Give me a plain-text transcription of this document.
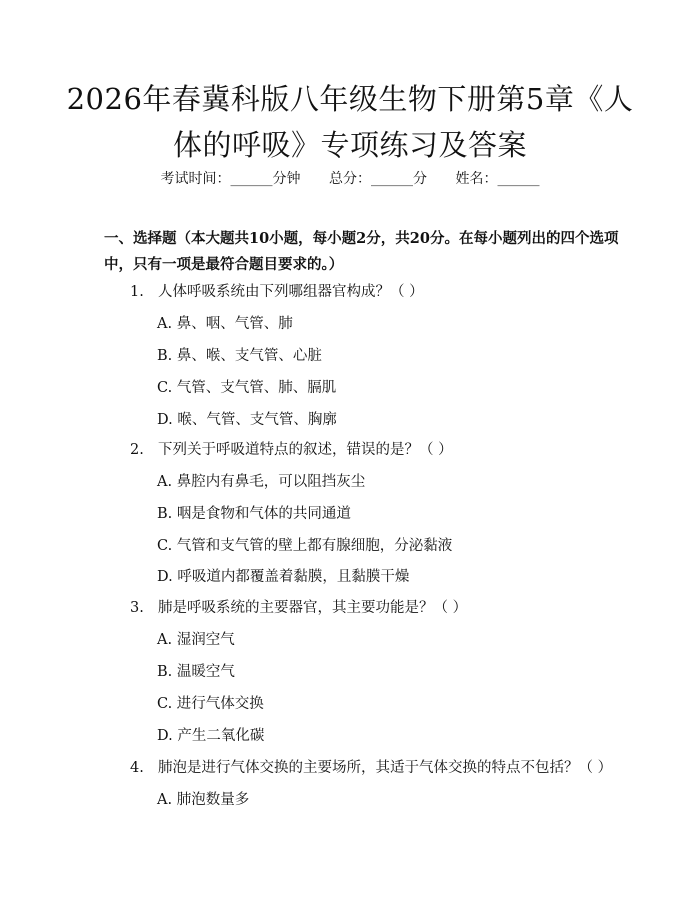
2026年春冀科版八年级生物下册第5章《人体的呼吸》专项练习及答案
考试时间：______分钟 总分：______分 姓名：______

一、选择题（本大题共10小题，每小题2分，共20分。在每小题列出的四个选项中，只有一项是最符合题目要求的。）

1. 人体呼吸系统由下列哪组器官构成？（ ）
A. 鼻、咽、气管、肺
B. 鼻、喉、支气管、心脏
C. 气管、支气管、肺、膈肌
D. 喉、气管、支气管、胸廓
2. 下列关于呼吸道特点的叙述，错误的是？（ ）
A. 鼻腔内有鼻毛，可以阻挡灰尘
B. 咽是食物和气体的共同通道
C. 气管和支气管的壁上都有腺细胞，分泌黏液
D. 呼吸道内都覆盖着黏膜，且黏膜干燥
3. 肺是呼吸系统的主要器官，其主要功能是？（ ）
A. 湿润空气
B. 温暖空气
C. 进行气体交换
D. 产生二氧化碳
4. 肺泡是进行气体交换的主要场所，其适于气体交换的特点不包括？（ ）
A. 肺泡数量多
